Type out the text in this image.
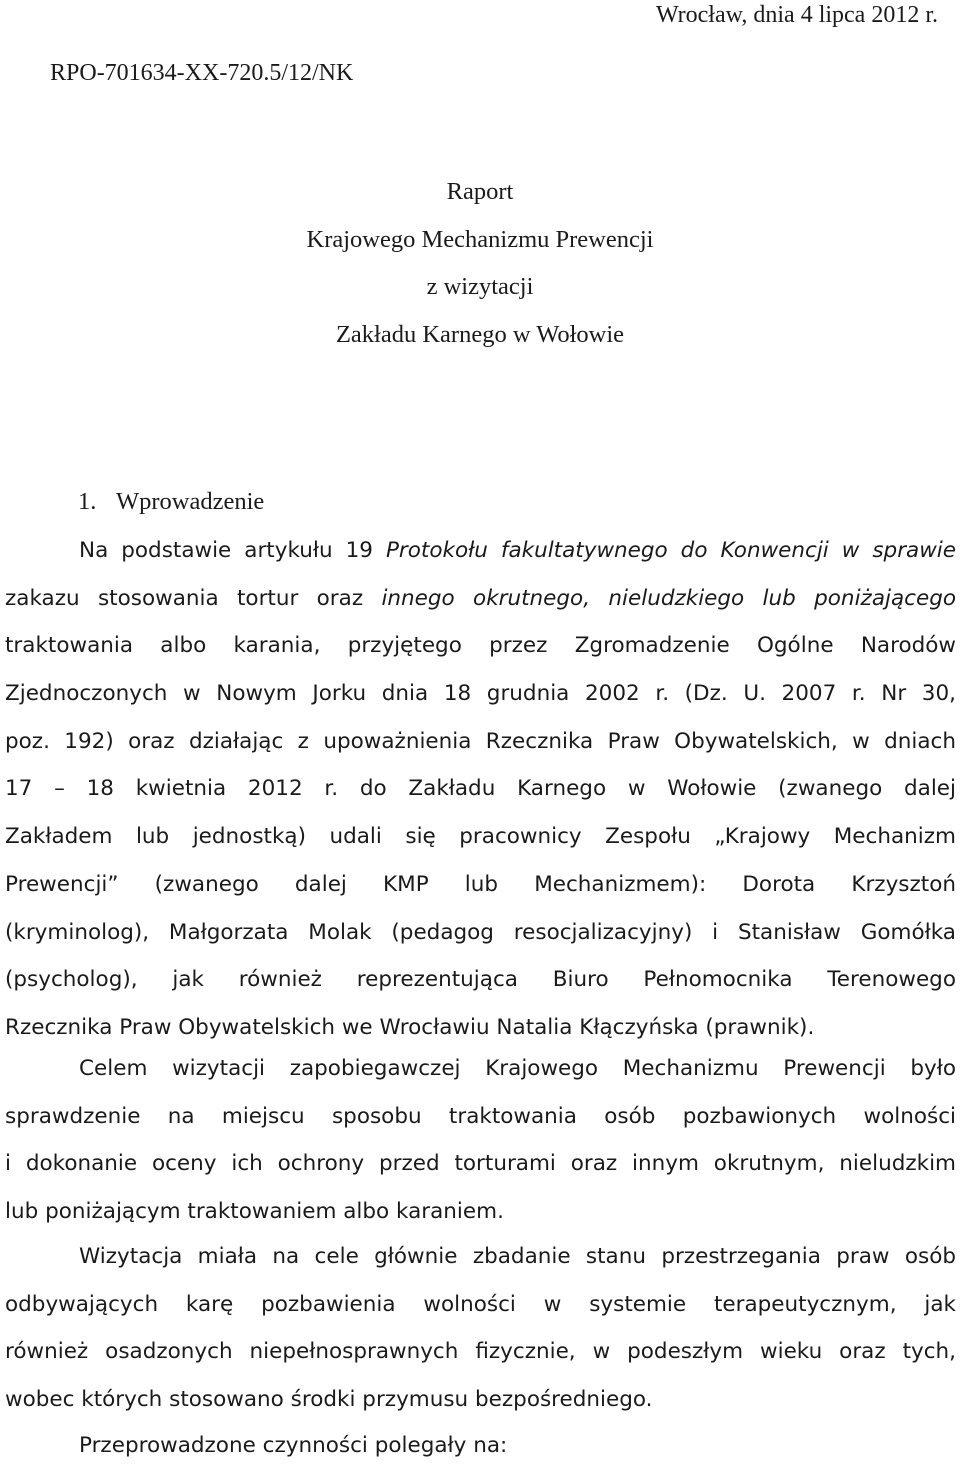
Wrocław, dnia 4 lipca 2012 r.
RPO-701634-XX-720.5/12/NK
Raport
Krajowego Mechanizmu Prewencji
z wizytacji
Zakładu Karnego w Wołowie
1. Wprowadzenie
Na podstawie artykułu 19 Protokołu fakultatywnego do Konwencji w sprawie
zakazu stosowania tortur oraz innego okrutnego, nieludzkiego lub poniżającego
traktowania albo karania, przyjętego przez Zgromadzenie Ogólne Narodów
Zjednoczonych w Nowym Jorku dnia 18 grudnia 2002 r. (Dz. U. 2007 r. Nr 30,
poz. 192) oraz działając z upoważnienia Rzecznika Praw Obywatelskich, w dniach
17 – 18 kwietnia 2012 r. do Zakładu Karnego w Wołowie (zwanego dalej
Zakładem lub jednostką) udali się pracownicy Zespołu „Krajowy Mechanizm
Prewencji” (zwanego dalej KMP lub Mechanizmem): Dorota Krzysztoń
(kryminolog), Małgorzata Molak (pedagog resocjalizacyjny) i Stanisław Gomółka
(psycholog), jak również reprezentująca Biuro Pełnomocnika Terenowego
Rzecznika Praw Obywatelskich we Wrocławiu Natalia Kłączyńska (prawnik).
Celem wizytacji zapobiegawczej Krajowego Mechanizmu Prewencji było
sprawdzenie na miejscu sposobu traktowania osób pozbawionych wolności
i dokonanie oceny ich ochrony przed torturami oraz innym okrutnym, nieludzkim
lub poniżającym traktowaniem albo karaniem.
Wizytacja miała na cele głównie zbadanie stanu przestrzegania praw osób
odbywających karę pozbawienia wolności w systemie terapeutycznym, jak
również osadzonych niepełnosprawnych fizycznie, w podeszłym wieku oraz tych,
wobec których stosowano środki przymusu bezpośredniego.
Przeprowadzone czynności polegały na:
